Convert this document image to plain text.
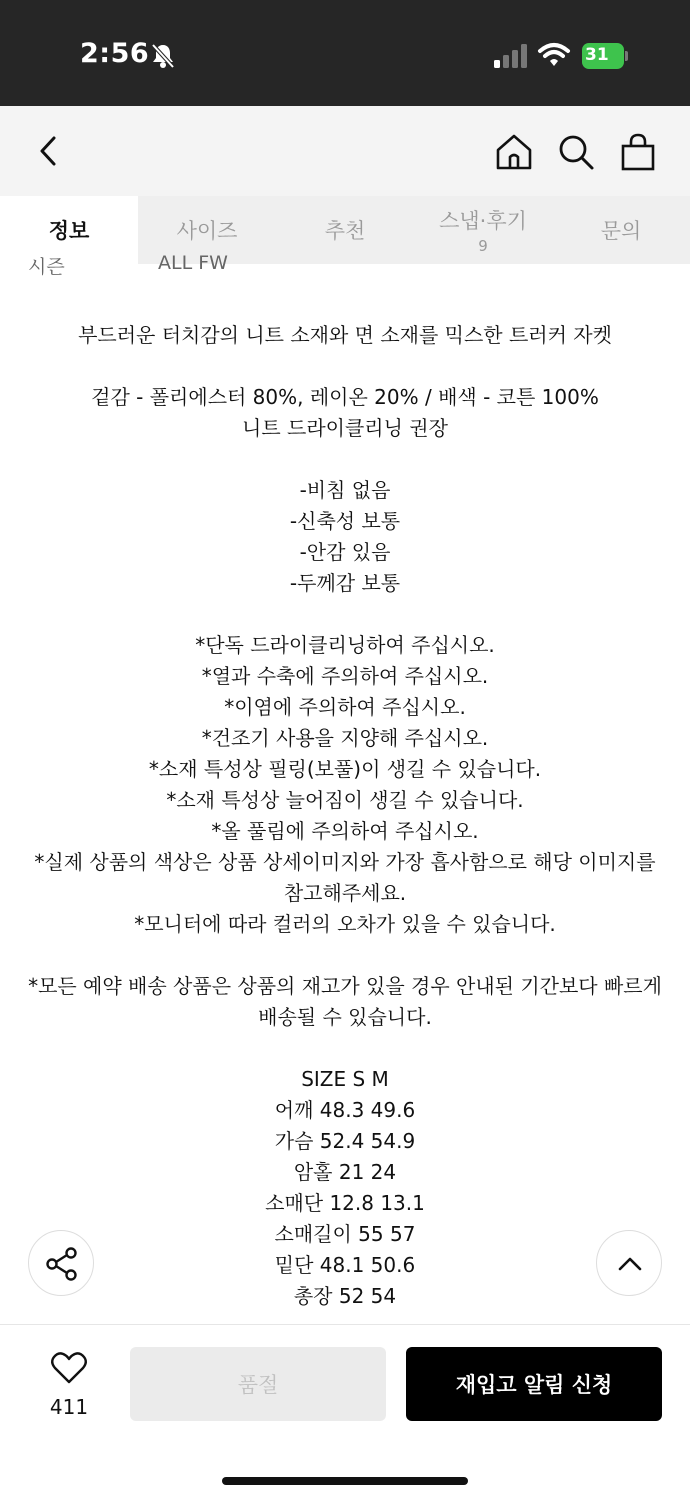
2:56	31
정보	사이즈	추천	스냅·후기
9
문의
시즌	ALL FW
부드러운 터치감의 니트 소재와 면 소재를 믹스한 트러커 자켓
겉감 - 폴리에스터 80%, 레이온 20% / 배색 - 코튼 100%
니트 드라이클리닝 권장
-비침 없음
-신축성 보통
-안감 있음
-두께감 보통
*단독 드라이클리닝하여 주십시오.
*열과 수축에 주의하여 주십시오.
*이염에 주의하여 주십시오.
*건조기 사용을 지양해 주십시오.
*소재 특성상 필링(보풀)이 생길 수 있습니다.
*소재 특성상 늘어짐이 생길 수 있습니다.
*올 풀림에 주의하여 주십시오.
*실제 상품의 색상은 상품 상세이미지와 가장 흡사함으로 해당 이미지를
참고해주세요.
*모니터에 따라 컬러의 오차가 있을 수 있습니다.
*모든 예약 배송 상품은 상품의 재고가 있을 경우 안내된 기간보다 빠르게
배송될 수 있습니다.
SIZE S M
어깨 48.3 49.6
가슴 52.4 54.9
암홀 21 24
소매단 12.8 13.1
소매길이 55 57
밑단 48.1 50.6
총장 52 54
411
품절	재입고 알림 신청
